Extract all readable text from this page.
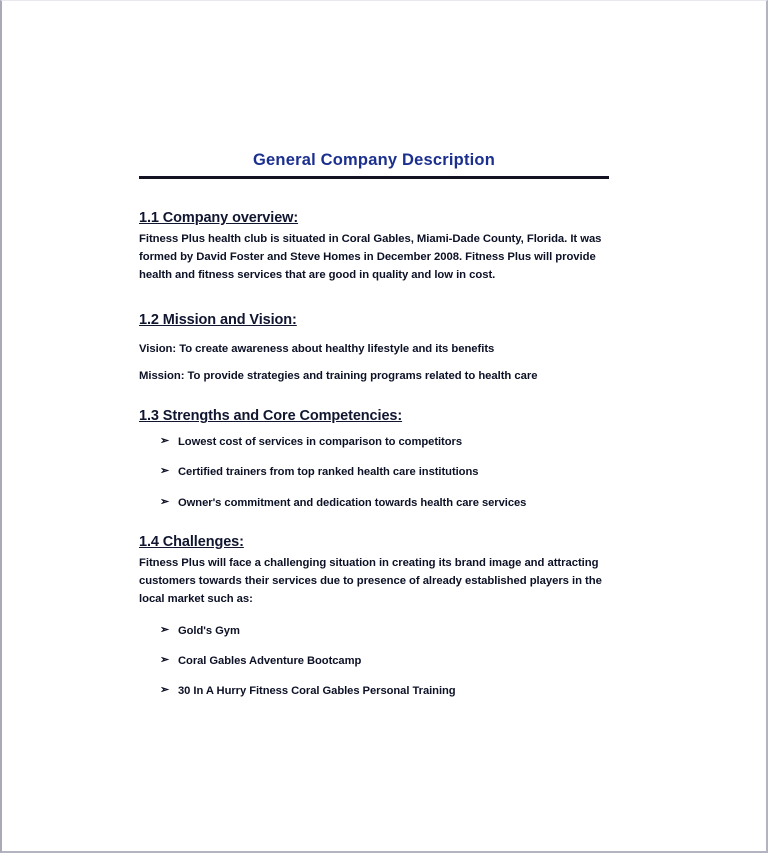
General Company Description
1.1 Company overview:

Fitness Plus health club is situated in Coral Gables, Miami-Dade County, Florida. It was formed by David Foster and Steve Homes in December 2008. Fitness Plus will provide health and fitness services that are good in quality and low in cost.

1.2 Mission and Vision:

Vision: To create awareness about healthy lifestyle and its benefits

Mission: To provide strategies and training programs related to health care

1.3 Strengths and Core Competencies:
➢ Lowest cost of services in comparison to competitors
➢ Certified trainers from top ranked health care institutions
➢ Owner's commitment and dedication towards health care services
1.4 Challenges:

Fitness Plus will face a challenging situation in creating its brand image and attracting customers towards their services due to presence of already established players in the local market such as:

➢ Gold's Gym
➢ Coral Gables Adventure Bootcamp
➢ 30 In A Hurry Fitness Coral Gables Personal Training
